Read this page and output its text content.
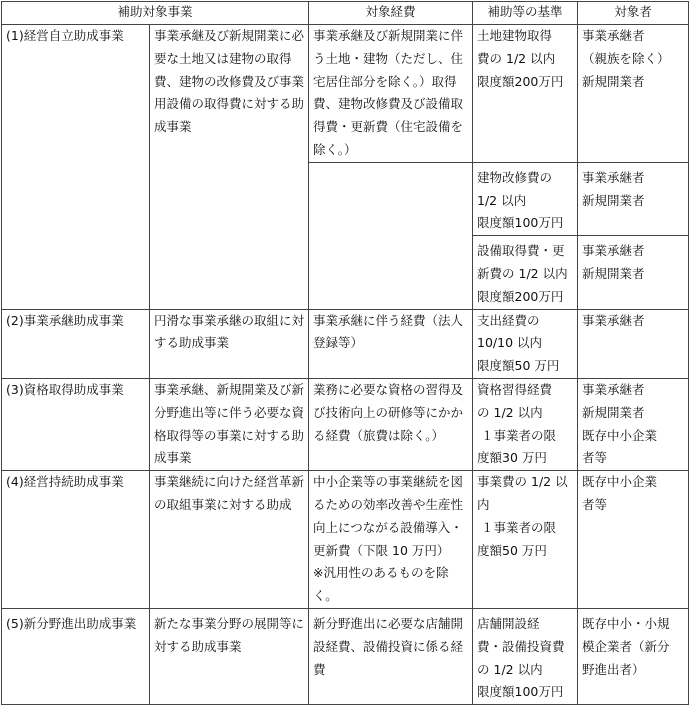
補助対象事業		対象経費	補助等の基準	対象者
(1)経営自立助成事業	事業承継及び新規開業に必要な土地又は建物の取得費、建物の改修費及び事業用設備の取得費に対する助成事業	事業承継及び新規開業に伴う土地・建物（ただし、住宅居住部分を除く。）取得費、建物改修費及び設備取得費・更新費（住宅設備を除く。）	土地建物取得
費の 1/2 以内
限度額200万円	事業承継者
（親族を除く）
新規開業者

			建物改修費の
1/2 以内
限度額100万円	事業承継者
新規開業者

			設備取得費・更
新費の 1/2 以内
限度額200万円	事業承継者
新規開業者

(2)事業承継助成事業	円滑な事業承継の取組に対する助成事業	事業承継に伴う経費（法人登録等）	支出経費の
10/10 以内
限度額50 万円	事業承継者

(3)資格取得助成事業	事業承継、新規開業及び新分野進出等に伴う必要な資格取得等の事業に対する助成事業	業務に必要な資格の習得及び技術向上の研修等にかかる経費（旅費は除く。）	資格習得経費
の 1/2 以内
１事業者の限
度額30 万円	事業承継者
新規開業者
既存中小企業
者等

(4)経営持続助成事業	事業継続に向けた経営革新の取組事業に対する助成	中小企業等の事業継続を図るための効率改善や生産性向上につながる設備導入・更新費（下限 10 万円）
※汎用性のあるものを除く。	事業費の 1/2 以
内
１事業者の限
度額50 万円	既存中小企業
者等

(5)新分野進出助成事業	新たな事業分野の展開等に対する助成事業	新分野進出に必要な店舗開設経費、設備投資に係る経費	店舗開設経
費・設備投資費
の 1/2 以内
限度額100万円	既存中小・小規
模企業者（新分
野進出者）
